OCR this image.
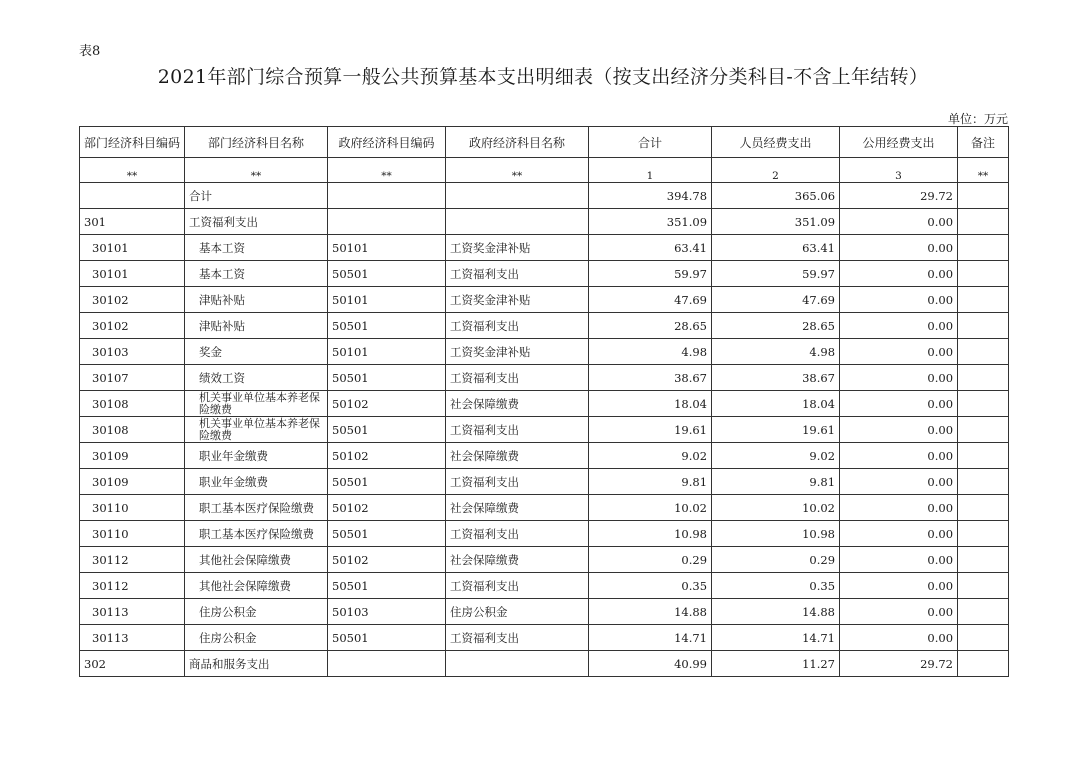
表8
2021年部门综合预算一般公共预算基本支出明细表（按支出经济分类科目-不含上年结转）
单位：万元
部门经济科目编码	部门经济科目名称	政府经济科目编码	政府经济科目名称	合计	人员经费支出	公用经费支出	备注
**	**	**	**	1	2	3	**
	合计			394.78	365.06	29.72	
301	工资福利支出			351.09	351.09	0.00	
30101	基本工资	50101	工资奖金津补贴	63.41	63.41	0.00	
30101	基本工资	50501	工资福利支出	59.97	59.97	0.00	
30102	津贴补贴	50101	工资奖金津补贴	47.69	47.69	0.00	
30102	津贴补贴	50501	工资福利支出	28.65	28.65	0.00	
30103	奖金	50101	工资奖金津补贴	4.98	4.98	0.00	
30107	绩效工资	50501	工资福利支出	38.67	38.67	0.00	
30108	机关事业单位基本养老保险缴费	50102	社会保障缴费	18.04	18.04	0.00	
30108	机关事业单位基本养老保险缴费	50501	工资福利支出	19.61	19.61	0.00	
30109	职业年金缴费	50102	社会保障缴费	9.02	9.02	0.00	
30109	职业年金缴费	50501	工资福利支出	9.81	9.81	0.00	
30110	职工基本医疗保险缴费	50102	社会保障缴费	10.02	10.02	0.00	
30110	职工基本医疗保险缴费	50501	工资福利支出	10.98	10.98	0.00	
30112	其他社会保障缴费	50102	社会保障缴费	0.29	0.29	0.00	
30112	其他社会保障缴费	50501	工资福利支出	0.35	0.35	0.00	
30113	住房公积金	50103	住房公积金	14.88	14.88	0.00	
30113	住房公积金	50501	工资福利支出	14.71	14.71	0.00	
302	商品和服务支出			40.99	11.27	29.72	
